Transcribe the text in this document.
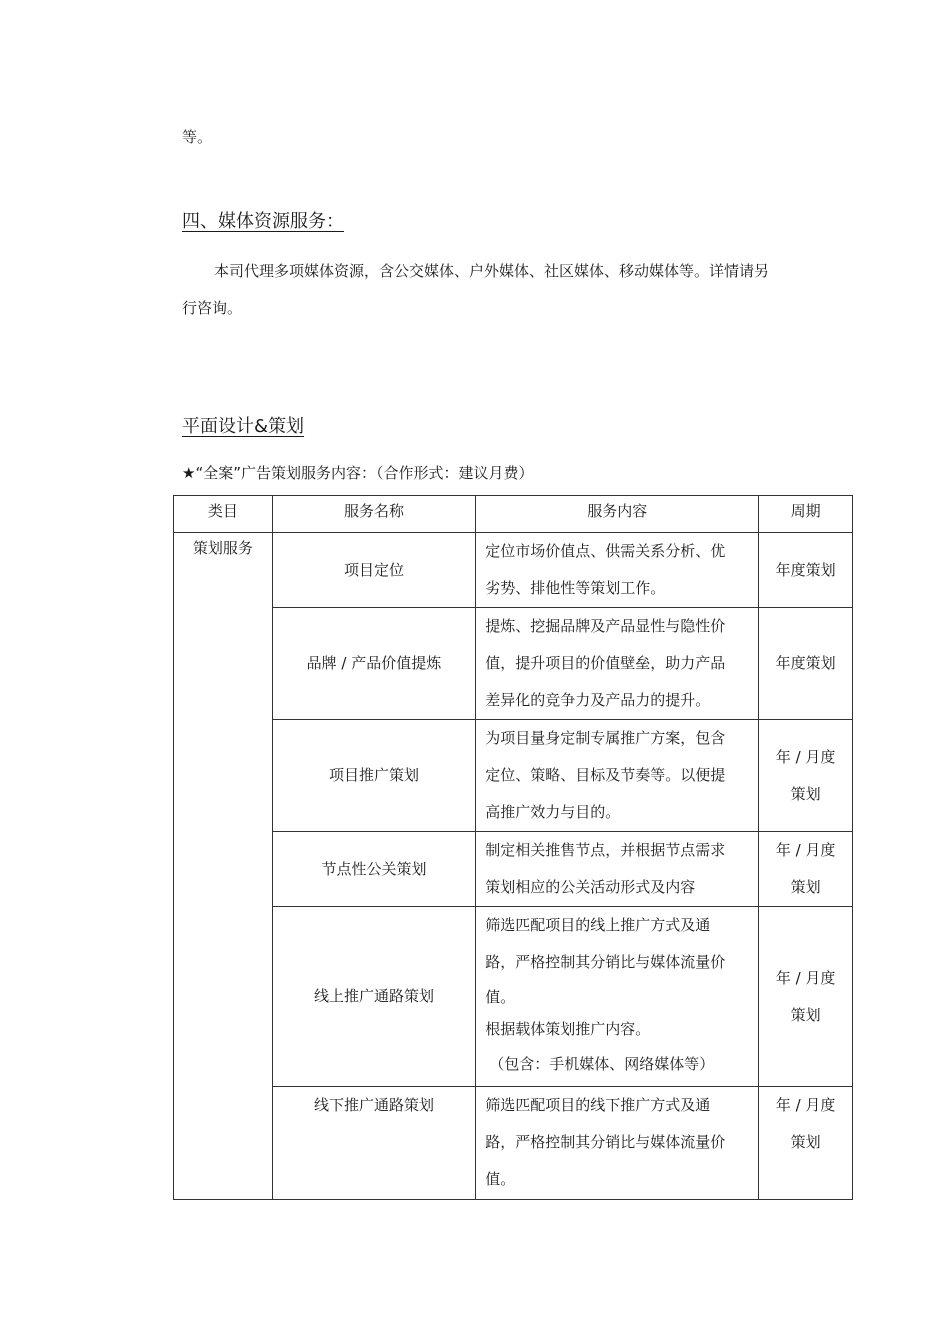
等。
四、媒体资源服务：
本司代理多项媒体资源，含公交媒体、户外媒体、社区媒体、移动媒体等。详情请另
行咨询。
平面设计&策划
★“全案”广告策划服务内容：（合作形式：建议月费）
类目	服务名称	服务内容	周期

策划服务	项目定位	定位市场价值点、供需关系分析、优
劣势、排他性等策划工作。	年度策划

	品牌 / 产品价值提炼	提炼、挖掘品牌及产品显性与隐性价
值，提升项目的价值壁垒，助力产品
差异化的竞争力及产品力的提升。	年度策划

	项目推广策划	为项目量身定制专属推广方案，包含
定位、策略、目标及节奏等。以便提
高推广效力与目的。	年 / 月度
策划

	节点性公关策划	制定相关推售节点，并根据节点需求
策划相应的公关活动形式及内容	年 / 月度
策划

	线上推广通路策划	筛选匹配项目的线上推广方式及通
路，严格控制其分销比与媒体流量价
值。
根据载体策划推广内容。
（包含：手机媒体、网络媒体等）	年 / 月度
策划

	线下推广通路策划	筛选匹配项目的线下推广方式及通
路，严格控制其分销比与媒体流量价
值。	年 / 月度
策划
